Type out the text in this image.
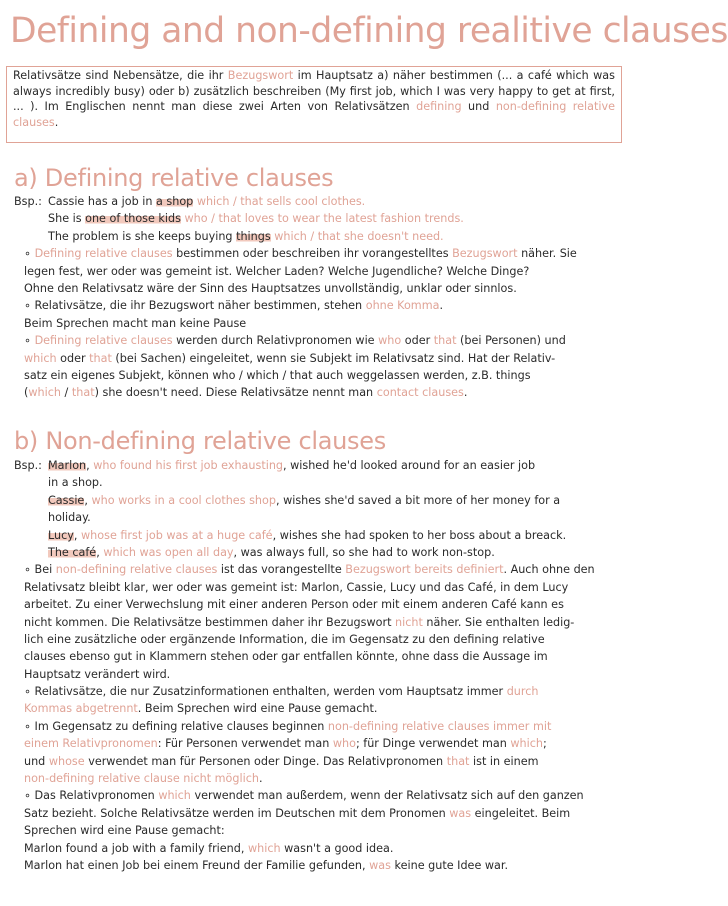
Defining and non-defining realitive clauses
Relativsätze sind Nebensätze, die ihr Bezugswort im Hauptsatz a) näher bestimmen (... a café which was always incredibly busy) oder b) zusätzlich beschreiben (My first job, which I was very happy to get at first, ... ). Im Englischen nennt man diese zwei Arten von Relativsätzen defining und non-defining relative clauses.
a) Defining relative clauses
Bsp.: Cassie has a job in a shop which / that sells cool clothes.
She is one of those kids who / that loves to wear the latest fashion trends.
The problem is she keeps buying things which / that she doesn't need.
∘ Defining relative clauses bestimmen oder beschreiben ihr vorangestelltes Bezugswort näher. Sie
legen fest, wer oder was gemeint ist. Welcher Laden? Welche Jugendliche? Welche Dinge?
Ohne den Relativsatz wäre der Sinn des Hauptsatzes unvollständig, unklar oder sinnlos.
∘ Relativsätze, die ihr Bezugswort näher bestimmen, stehen ohne Komma.
Beim Sprechen macht man keine Pause
∘ Defining relative clauses werden durch Relativpronomen wie who oder that (bei Personen) und
which oder that (bei Sachen) eingeleitet, wenn sie Subjekt im Relativsatz sind. Hat der Relativ-
satz ein eigenes Subjekt, können who / which / that auch weggelassen werden, z.B. things
(which / that) she doesn't need. Diese Relativsätze nennt man contact clauses.
b) Non-defining relative clauses
Bsp.: Marlon, who found his first job exhausting, wished he'd looked around for an easier job
in a shop.
Cassie, who works in a cool clothes shop, wishes she'd saved a bit more of her money for a
holiday.
Lucy, whose first job was at a huge café, wishes she had spoken to her boss about a breack.
The café, which was open all day, was always full, so she had to work non-stop.
∘ Bei non-defining relative clauses ist das vorangestellte Bezugswort bereits definiert. Auch ohne den
Relativsatz bleibt klar, wer oder was gemeint ist: Marlon, Cassie, Lucy und das Café, in dem Lucy
arbeitet. Zu einer Verwechslung mit einer anderen Person oder mit einem anderen Café kann es
nicht kommen. Die Relativsätze bestimmen daher ihr Bezugswort nicht näher. Sie enthalten ledig-
lich eine zusätzliche oder ergänzende Information, die im Gegensatz zu den defining relative
clauses ebenso gut in Klammern stehen oder gar entfallen könnte, ohne dass die Aussage im
Hauptsatz verändert wird.
∘ Relativsätze, die nur Zusatzinformationen enthalten, werden vom Hauptsatz immer durch
Kommas abgetrennt. Beim Sprechen wird eine Pause gemacht.
∘ Im Gegensatz zu defining relative clauses beginnen non-defining relative clauses immer mit
einem Relativpronomen: Für Personen verwendet man who; für Dinge verwendet man which;
und whose verwendet man für Personen oder Dinge. Das Relativpronomen that ist in einem
non-defining relative clause nicht möglich.
∘ Das Relativpronomen which verwendet man außerdem, wenn der Relativsatz sich auf den ganzen
Satz bezieht. Solche Relativsätze werden im Deutschen mit dem Pronomen was eingeleitet. Beim
Sprechen wird eine Pause gemacht:
Marlon found a job with a family friend, which wasn't a good idea.
Marlon hat einen Job bei einem Freund der Familie gefunden, was keine gute Idee war.
